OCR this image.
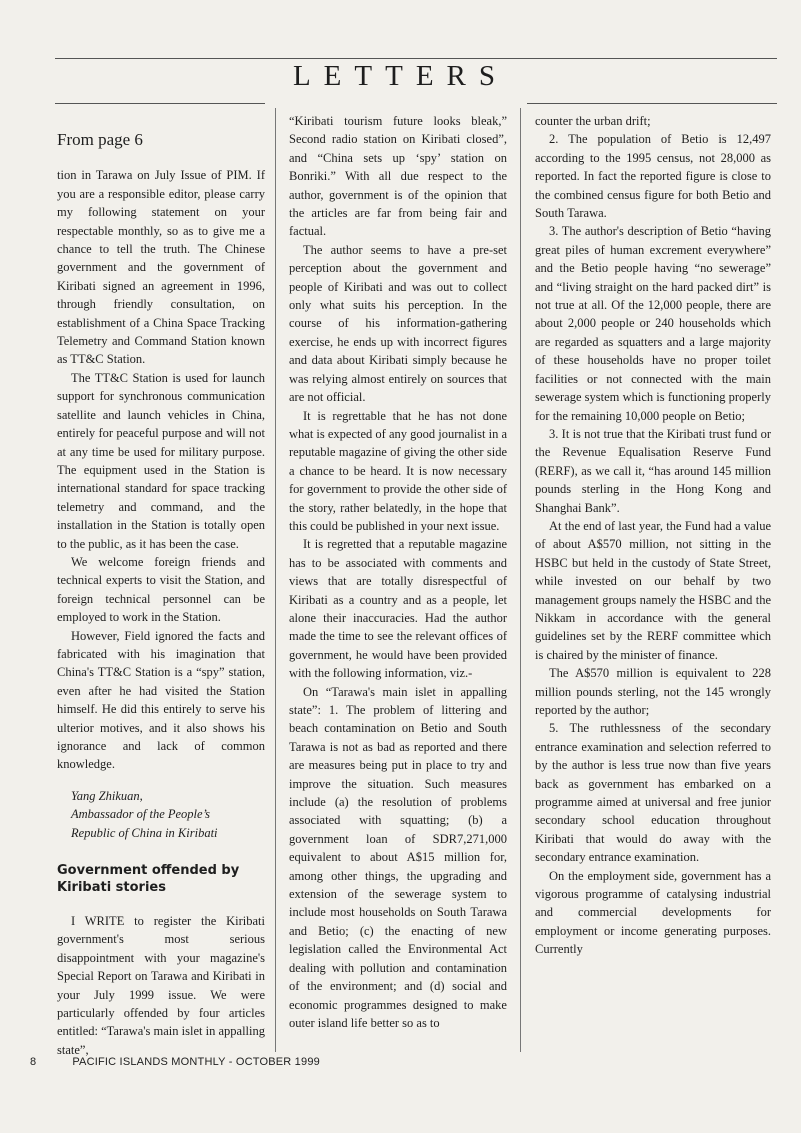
LETTERS
From page 6

tion in Tarawa on July Issue of PIM. If you are a responsible editor, please carry my following statement on your respectable monthly, so as to give me a chance to tell the truth. The Chinese government and the government of Kiribati signed an agreement in 1996, through friendly consultation, on establishment of a China Space Tracking Telemetry and Command Station known as TT&C Station.

The TT&C Station is used for launch support for synchronous communication satellite and launch vehicles in China, entirely for peaceful purpose and will not at any time be used for military purpose. The equipment used in the Station is international standard for space tracking telemetry and command, and the installation in the Station is totally open to the public, as it has been the case.

We welcome foreign friends and technical experts to visit the Station, and foreign technical personnel can be employed to work in the Station.

However, Field ignored the facts and fabricated with his imagination that China's TT&C Station is a “spy” station, even after he had visited the Station himself. He did this entirely to serve his ulterior motives, and it also shows his ignorance and lack of common knowledge.

Yang Zhikuan,
Ambassador of the People’s
Republic of China in Kiribati
Government offended by Kiribati stories

I WRITE to register the Kiribati government's most serious disappointment with your magazine's Special Report on Tarawa and Kiribati in your July 1999 issue. We were particularly offended by four articles entitled: “Tarawa's main islet in appalling state”,

“Kiribati tourism future looks bleak,” Second radio station on Kiribati closed”, and “China sets up ‘spy’ station on Bonriki.” With all due respect to the author, government is of the opinion that the articles are far from being fair and factual.

The author seems to have a pre-set perception about the government and people of Kiribati and was out to collect only what suits his perception. In the course of his information-gathering exercise, he ends up with incorrect figures and data about Kiribati simply because he was relying almost entirely on sources that are not official.

It is regrettable that he has not done what is expected of any good journalist in a reputable magazine of giving the other side a chance to be heard. It is now necessary for government to provide the other side of the story, rather belatedly, in the hope that this could be published in your next issue.

It is regretted that a reputable magazine has to be associated with comments and views that are totally disrespectful of Kiribati as a country and as a people, let alone their inaccuracies. Had the author made the time to see the relevant offices of government, he would have been provided with the following information, viz.-

On “Tarawa's main islet in appalling state”: 1. The problem of littering and beach contamination on Betio and South Tarawa is not as bad as reported and there are measures being put in place to try and improve the situation. Such measures include (a) the resolution of problems associated with squatting; (b) a government loan of SDR7,271,000 equivalent to about A$15 million for, among other things, the upgrading and extension of the sewerage system to include most households on South Tarawa and Betio; (c) the enacting of new legislation called the Environmental Act dealing with pollution and contamination of the environment; and (d) social and economic programmes designed to make outer island life better so as to

counter the urban drift;

2. The population of Betio is 12,497 according to the 1995 census, not 28,000 as reported. In fact the reported figure is close to the combined census figure for both Betio and South Tarawa.

3. The author's description of Betio “having great piles of human excrement everywhere” and the Betio people having “no sewerage” and “living straight on the hard packed dirt” is not true at all. Of the 12,000 people, there are about 2,000 people or 240 households which are regarded as squatters and a large majority of these households have no proper toilet facilities or not connected with the main sewerage system which is functioning properly for the remaining 10,000 people on Betio;

3. It is not true that the Kiribati trust fund or the Revenue Equalisation Reserve Fund (RERF), as we call it, “has around 145 million pounds sterling in the Hong Kong and Shanghai Bank”.

At the end of last year, the Fund had a value of about A$570 million, not sitting in the HSBC but held in the custody of State Street, while invested on our behalf by two management groups namely the HSBC and the Nikkam in accordance with the general guidelines set by the RERF committee which is chaired by the minister of finance.

The A$570 million is equivalent to 228 million pounds sterling, not the 145 wrongly reported by the author;

5. The ruthlessness of the secondary entrance examination and selection referred to by the author is less true now than five years back as government has embarked on a programme aimed at universal and free junior secondary school education throughout Kiribati that would do away with the secondary entrance examination.

On the employment side, government has a vigorous programme of catalysing industrial and commercial developments for employment or income generating purposes. Currently

8	PACIFIC ISLANDS MONTHLY - OCTOBER 1999
